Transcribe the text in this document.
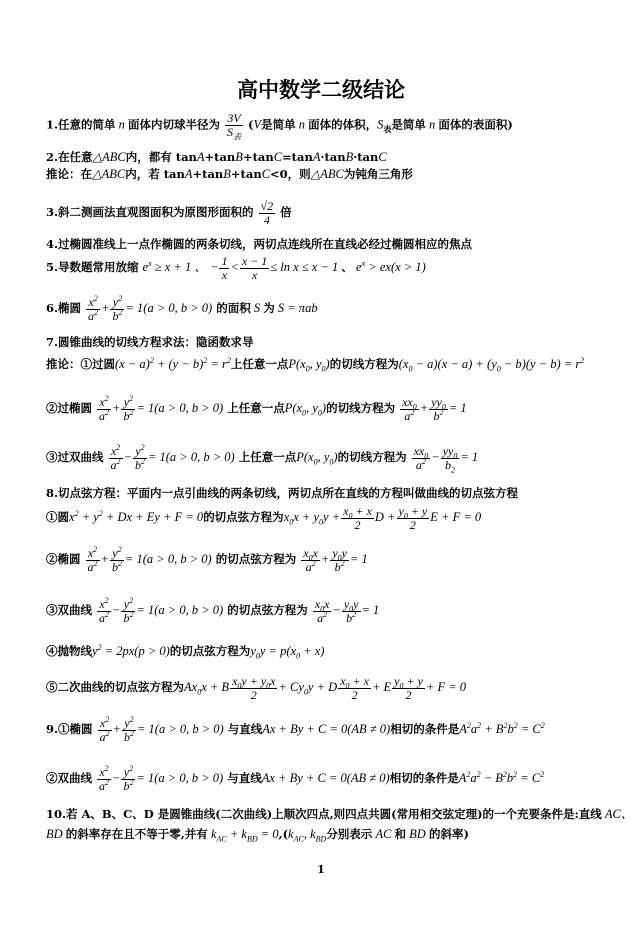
高中数学二级结论
1.任意的简单 n 面体内切球半径为 3V
$S_表$
(V是简单 n 面体的体积，$S_表$是简单 n 面体的表面积)
2.在任意△ABC内，都有 tanA+tanB+tanC=tanA·tanB·tanC
推论：在△ABC内，若 tanA+tanB+tanC<0，则△ABC为钝角三角形
3.斜二测画法直观图面积为原图形面积的 $\frac{√2}{4}$ 倍
4.过椭圆准线上一点作椭圆的两条切线，两切点连线所在直线必经过椭圆相应的焦点
5.导数题常用放缩 $e^x \ge x + 1$ 、 − $\frac{1}{x} < \frac{x - 1}{x} \le \ln x \le x - 1$ 、 $e^x > ex(x > 1)$
6.椭圆 $\frac{x^2}{a^2} + \frac{y^2}{b^2} = 1(a > 0$, b > 0) 的面积 S 为 S = πab
7.圆锥曲线的切线方程求法：隐函数求导
推论：①过圆$(x - a)^2 + (y - b)^2 = r^2$上任意一点$P(x_0$, $y_0$)的切线方程为$(x_0 - a)(x - a) + (y_0 - b)(y - b) = r^2$
②过椭圆 $\frac{x^2}{a^2} + \frac{y^2}{b^2} = 1(a > 0$, b > 0) 上任意一点$P(x_0$, $y_0$)的切线方程为 $\frac{xx_0}{a^2} + \frac{yy_0}{b^2} = 1$
③过双曲线 $\frac{x^2}{a^2} - \frac{y^2}{b^2} = 1(a > 0$, b > 0) 上任意一点$P(x_0$, $y_0$)的切线方程为 $\frac{xx_0}{a^2} - \frac{yy_0}{b_2} = 1$
8.切点弦方程：平面内一点引曲线的两条切线，两切点所在直线的方程叫做曲线的切点弦方程
①圆$x^2 + y^2 + Dx + Ey + F = 0$的切点弦方程为$x_0x + y_0y + \frac{x_0 + x}{2}$ $D + \frac{y_0 + y}{2}$ E + F = 0
②椭圆 $\frac{x^2}{a^2} + \frac{y^2}{b^2} = 1(a > 0$, b > 0) 的切点弦方程为 $\frac{x_0x}{a^2} + \frac{y_0y}{b^2} = 1$
③双曲线 $\frac{x^2}{a^2} - \frac{y^2}{b^2} = 1(a > 0$, b > 0) 的切点弦方程为 $\frac{x_0x}{a^2} - \frac{y_0y}{b^2} = 1$
④抛物线$y^2 = 2px(p > 0)$的切点弦方程为$y_0y = p(x_0 + x)$
⑤二次曲线的切点弦方程为$Ax_0x + B \frac{x_0y + y_0x}{2} + Cy_0y + D \frac{x_0 + x}{2} + E \frac{y_0 + y}{2} + F = 0$
9.①椭圆 $\frac{x^2}{a^2} + \frac{y^2}{b^2} = 1(a > 0$, b > 0) 与直线Ax + By + C = 0(AB ≠ 0)相切的条件是$A^2a^2 + B^2b^2 = C^2$
②双曲线 $\frac{x^2}{a^2} - \frac{y^2}{b^2} = 1(a > 0$, b > 0) 与直线Ax + By + C = 0(AB ≠ 0)相切的条件是$A^2a^2 - B^2b^2 = C^2$
10.若 A、B、C、D 是圆锥曲线(二次曲线)上顺次四点,则四点共圆(常用相交弦定理)的一个充要条件是:直线 AC、
BD 的斜率存在且不等于零,并有 $k_{AC} + k_{BD} = 0,(k_{AC}$, $k_{BD}$分别表示 AC 和 BD 的斜率)
1
